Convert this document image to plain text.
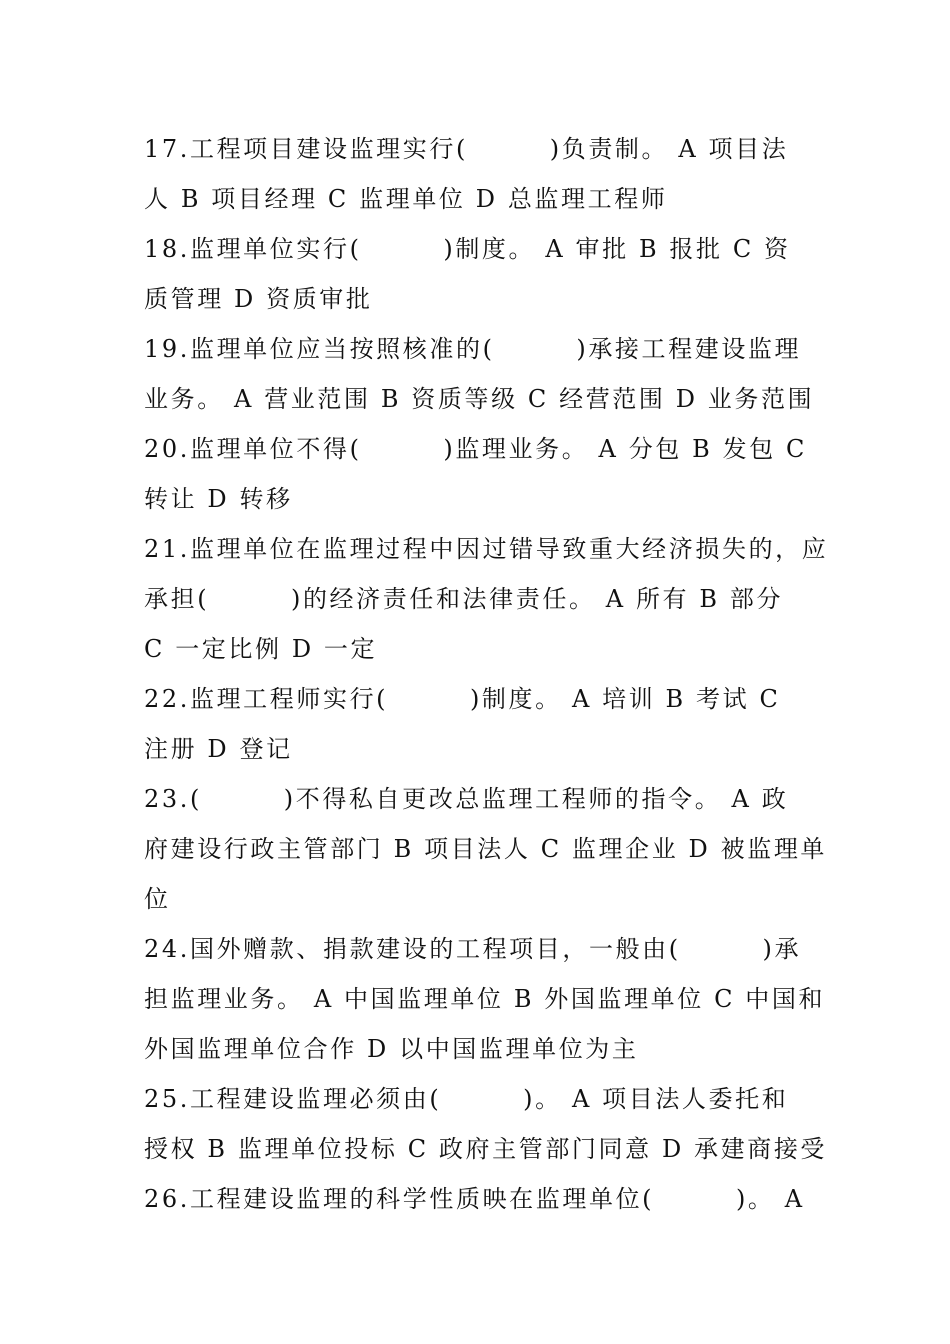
17.工程项目建设监理实行(        )负责制。 A 项目法
人 B 项目经理 C 监理单位 D 总监理工程师
18.监理单位实行(        )制度。 A 审批 B 报批 C 资
质管理 D 资质审批
19.监理单位应当按照核准的(        )承接工程建设监理
业务。 A 营业范围 B 资质等级 C 经营范围 D 业务范围
20.监理单位不得(        )监理业务。 A 分包 B 发包 C
转让 D 转移
21.监理单位在监理过程中因过错导致重大经济损失的，应
承担(        )的经济责任和法律责任。 A 所有 B 部分
C 一定比例 D 一定
22.监理工程师实行(        )制度。 A 培训 B 考试 C
注册 D 登记
23.(        )不得私自更改总监理工程师的指令。 A 政
府建设行政主管部门 B 项目法人 C 监理企业 D 被监理单
位
24.国外赠款、捐款建设的工程项目，一般由(        )承
担监理业务。 A 中国监理单位 B 外国监理单位 C 中国和
外国监理单位合作 D 以中国监理单位为主
25.工程建设监理必须由(        )。 A 项目法人委托和
授权 B 监理单位投标 C 政府主管部门同意 D 承建商接受
26.工程建设监理的科学性质映在监理单位(        )。 A
